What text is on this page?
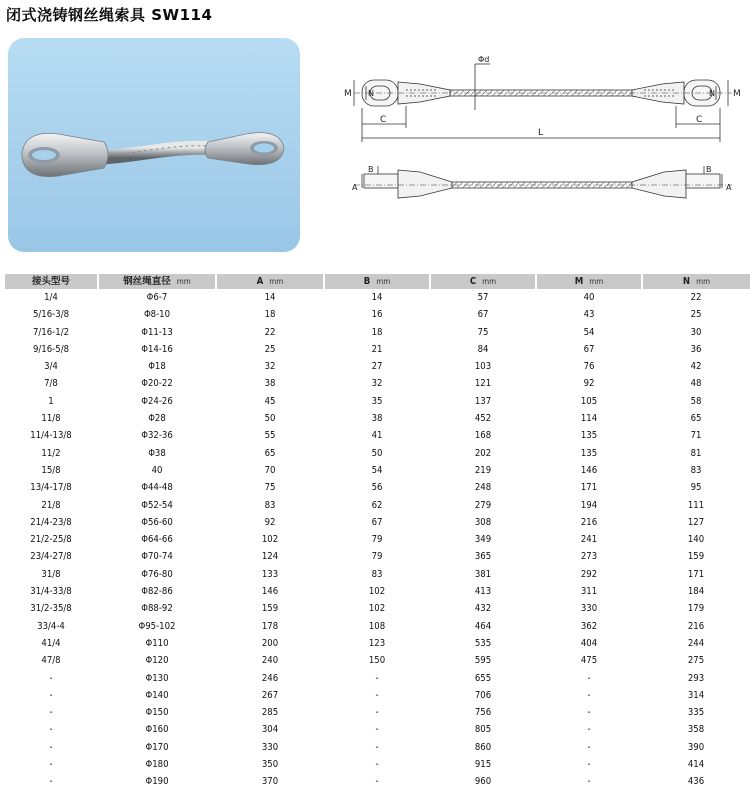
闭式浇铸钢丝绳索具 SW114
M N	M
N
Φd
C	C
L
B
A
B
A
接头型号	钢丝绳直径 mm	A mm	B mm	C mm	M mm	N mm
1/4	Φ6-7	14	14	57	40	22
5/16-3/8	Φ8-10	18	16	67	43	25
7/16-1/2	Φ11-13	22	18	75	54	30
9/16-5/8	Φ14-16	25	21	84	67	36
3/4	Φ18	32	27	103	76	42
7/8	Φ20-22	38	32	121	92	48
1	Φ24-26	45	35	137	105	58
11/8	Φ28	50	38	452	114	65
11/4-13/8	Φ32-36	55	41	168	135	71
11/2	Φ38	65	50	202	135	81
15/8	40	70	54	219	146	83
13/4-17/8	Φ44-48	75	56	248	171	95
21/8	Φ52-54	83	62	279	194	111
21/4-23/8	Φ56-60	92	67	308	216	127
21/2-25/8	Φ64-66	102	79	349	241	140
23/4-27/8	Φ70-74	124	79	365	273	159
31/8	Φ76-80	133	83	381	292	171
31/4-33/8	Φ82-86	146	102	413	311	184
31/2-35/8	Φ88-92	159	102	432	330	179
33/4-4	Φ95-102	178	108	464	362	216
41/4	Φ110	200	123	535	404	244
47/8	Φ120	240	150	595	475	275
-	Φ130	246	-	655	-	293
-	Φ140	267	-	706	-	314
-	Φ150	285	-	756	-	335
-	Φ160	304	-	805	-	358
-	Φ170	330	-	860	-	390
-	Φ180	350	-	915	-	414
-	Φ190	370	-	960	-	436
